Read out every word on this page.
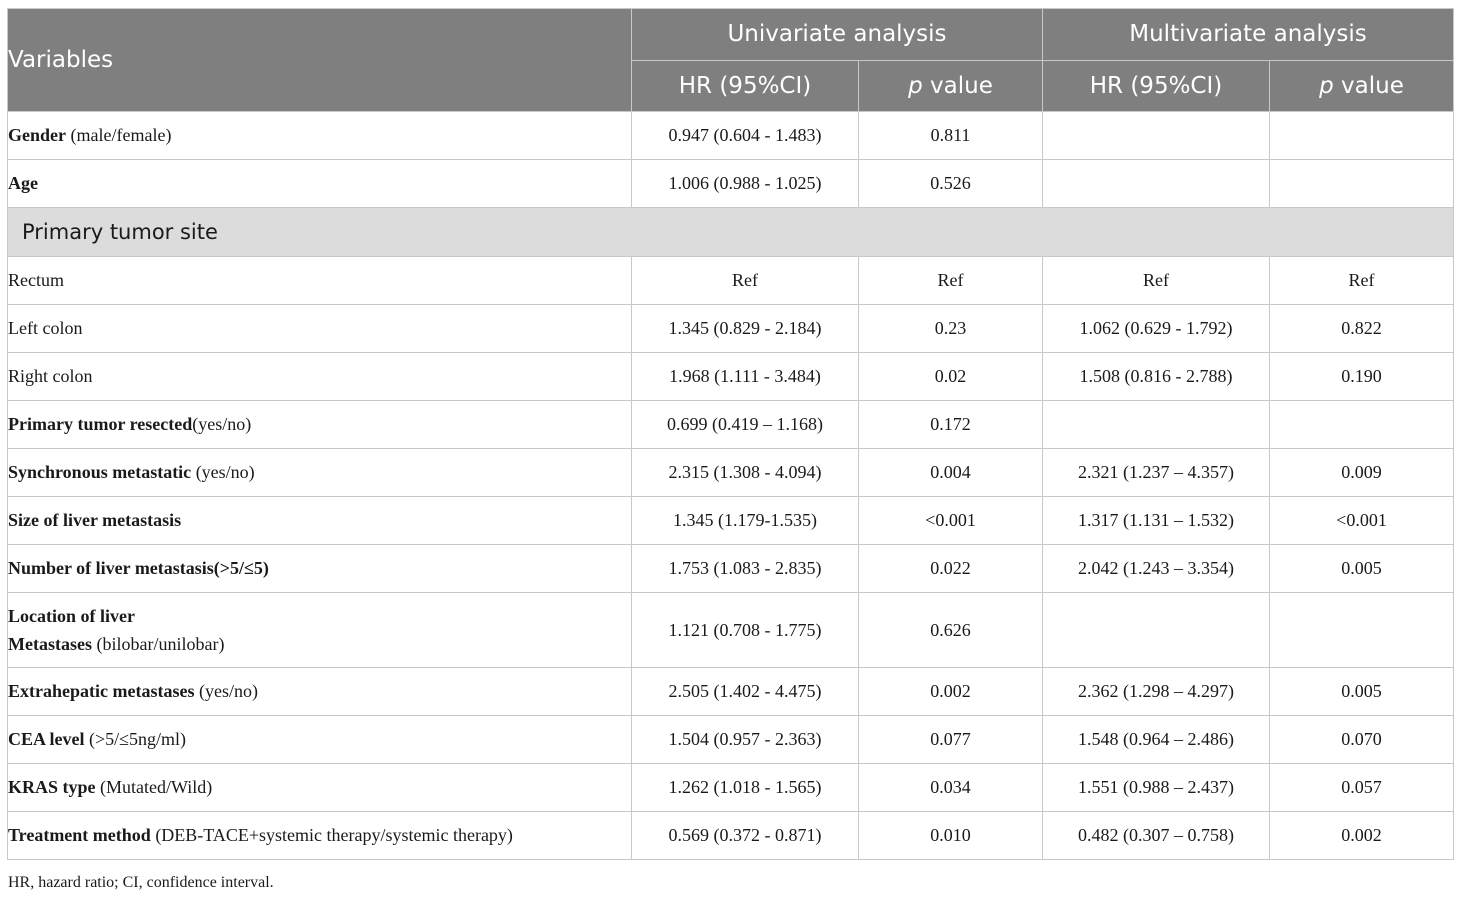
Variables	Univariate analysis		Multivariate analysis	
	HR (95%CI)	p value	HR (95%CI)	p value
Gender (male/female)	0.947 (0.604 - 1.483)	0.811		
Age	1.006 (0.988 - 1.025)	0.526		
Primary tumor site				
Rectum	Ref	Ref	Ref	Ref
Left colon	1.345 (0.829 - 2.184)	0.23	1.062 (0.629 - 1.792)	0.822
Right colon	1.968 (1.111 - 3.484)	0.02	1.508 (0.816 - 2.788)	0.190
Primary tumor resected(yes/no)	0.699 (0.419 – 1.168)	0.172		
Synchronous metastatic (yes/no)	2.315 (1.308 - 4.094)	0.004	2.321 (1.237 – 4.357)	0.009
Size of liver metastasis	1.345 (1.179-1.535)	<0.001	1.317 (1.131 – 1.532)	<0.001
Number of liver metastasis(>5/≤5)	1.753 (1.083 - 2.835)	0.022	2.042 (1.243 – 3.354)	0.005
Location of liver
Metastases (bilobar/unilobar)	1.121 (0.708 - 1.775)	0.626		
Extrahepatic metastases (yes/no)	2.505 (1.402 - 4.475)	0.002	2.362 (1.298 – 4.297)	0.005
CEA level (>5/≤5ng/ml)	1.504 (0.957 - 2.363)	0.077	1.548 (0.964 – 2.486)	0.070
KRAS type (Mutated/Wild)	1.262 (1.018 - 1.565)	0.034	1.551 (0.988 – 2.437)	0.057
Treatment method (DEB-TACE+systemic therapy/systemic therapy)	0.569 (0.372 - 0.871)	0.010	0.482 (0.307 – 0.758)	0.002
HR, hazard ratio; CI, confidence interval.
